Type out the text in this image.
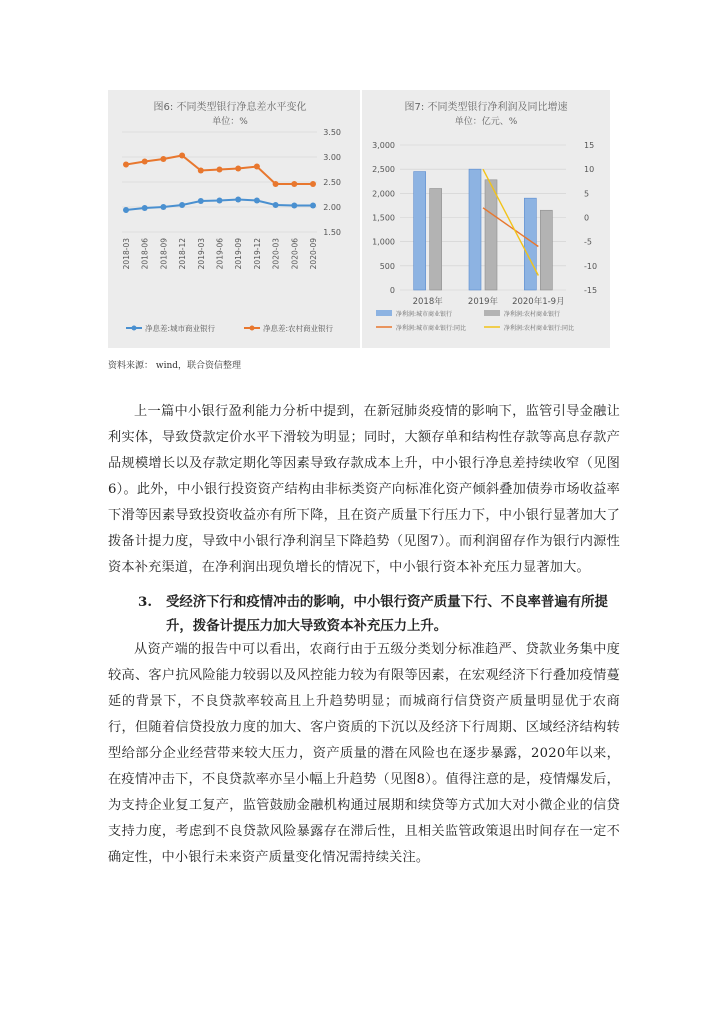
图6: 不同类型银行净息差水平变化
单位：%
3.50
3.00
2.50
2.00
1.50
2018-03 2018-06 2018-09 2018-12 2019-03 2019-06 2019-09 2019-12 2020-03 2020-06 2020-09
净息差:城市商业银行	净息差:农村商业银行
图7: 不同类型银行净利润及同比增速
单位：亿元、%
3,000
2,500
2,000
1,500
1,000
500
0
15
10
5
0
-5
-10
-15
2018年	2019年 2020年1-9月
净利润:城市商业银行	净利润:农村商业银行
净利润:城市商业银行:同比	净利润:农村商业银行:同比
资料来源： wind，联合资信整理

上一篇中小银行盈利能力分析中提到，在新冠肺炎疫情的影响下，监管引导金融让利实体，导致贷款定价水平下滑较为明显；同时，大额存单和结构性存款等高息存款产品规模增长以及存款定期化等因素导致存款成本上升，中小银行净息差持续收窄（见图6）。此外，中小银行投资资产结构由非标类资产向标准化资产倾斜叠加债券市场收益率下滑等因素导致投资收益亦有所下降，且在资产质量下行压力下，中小银行显著加大了拨备计提力度，导致中小银行净利润呈下降趋势（见图7）。而利润留存作为银行内源性资本补充渠道，在净利润出现负增长的情况下，中小银行资本补充压力显著加大。

3. 受经济下行和疫情冲击的影响，中小银行资产质量下行、不良率普遍有所提升，拨备计提压力加大导致资本补充压力上升。

从资产端的报告中可以看出，农商行由于五级分类划分标准趋严、贷款业务集中度较高、客户抗风险能力较弱以及风控能力较为有限等因素，在宏观经济下行叠加疫情蔓延的背景下，不良贷款率较高且上升趋势明显；而城商行信贷资产质量明显优于农商行，但随着信贷投放力度的加大、客户资质的下沉以及经济下行周期、区域经济结构转型给部分企业经营带来较大压力，资产质量的潜在风险也在逐步暴露，2020年以来，在疫情冲击下，不良贷款率亦呈小幅上升趋势（见图8）。值得注意的是，疫情爆发后，为支持企业复工复产，监管鼓励金融机构通过展期和续贷等方式加大对小微企业的信贷支持力度，考虑到不良贷款风险暴露存在滞后性，且相关监管政策退出时间存在一定不确定性，中小银行未来资产质量变化情况需持续关注。
